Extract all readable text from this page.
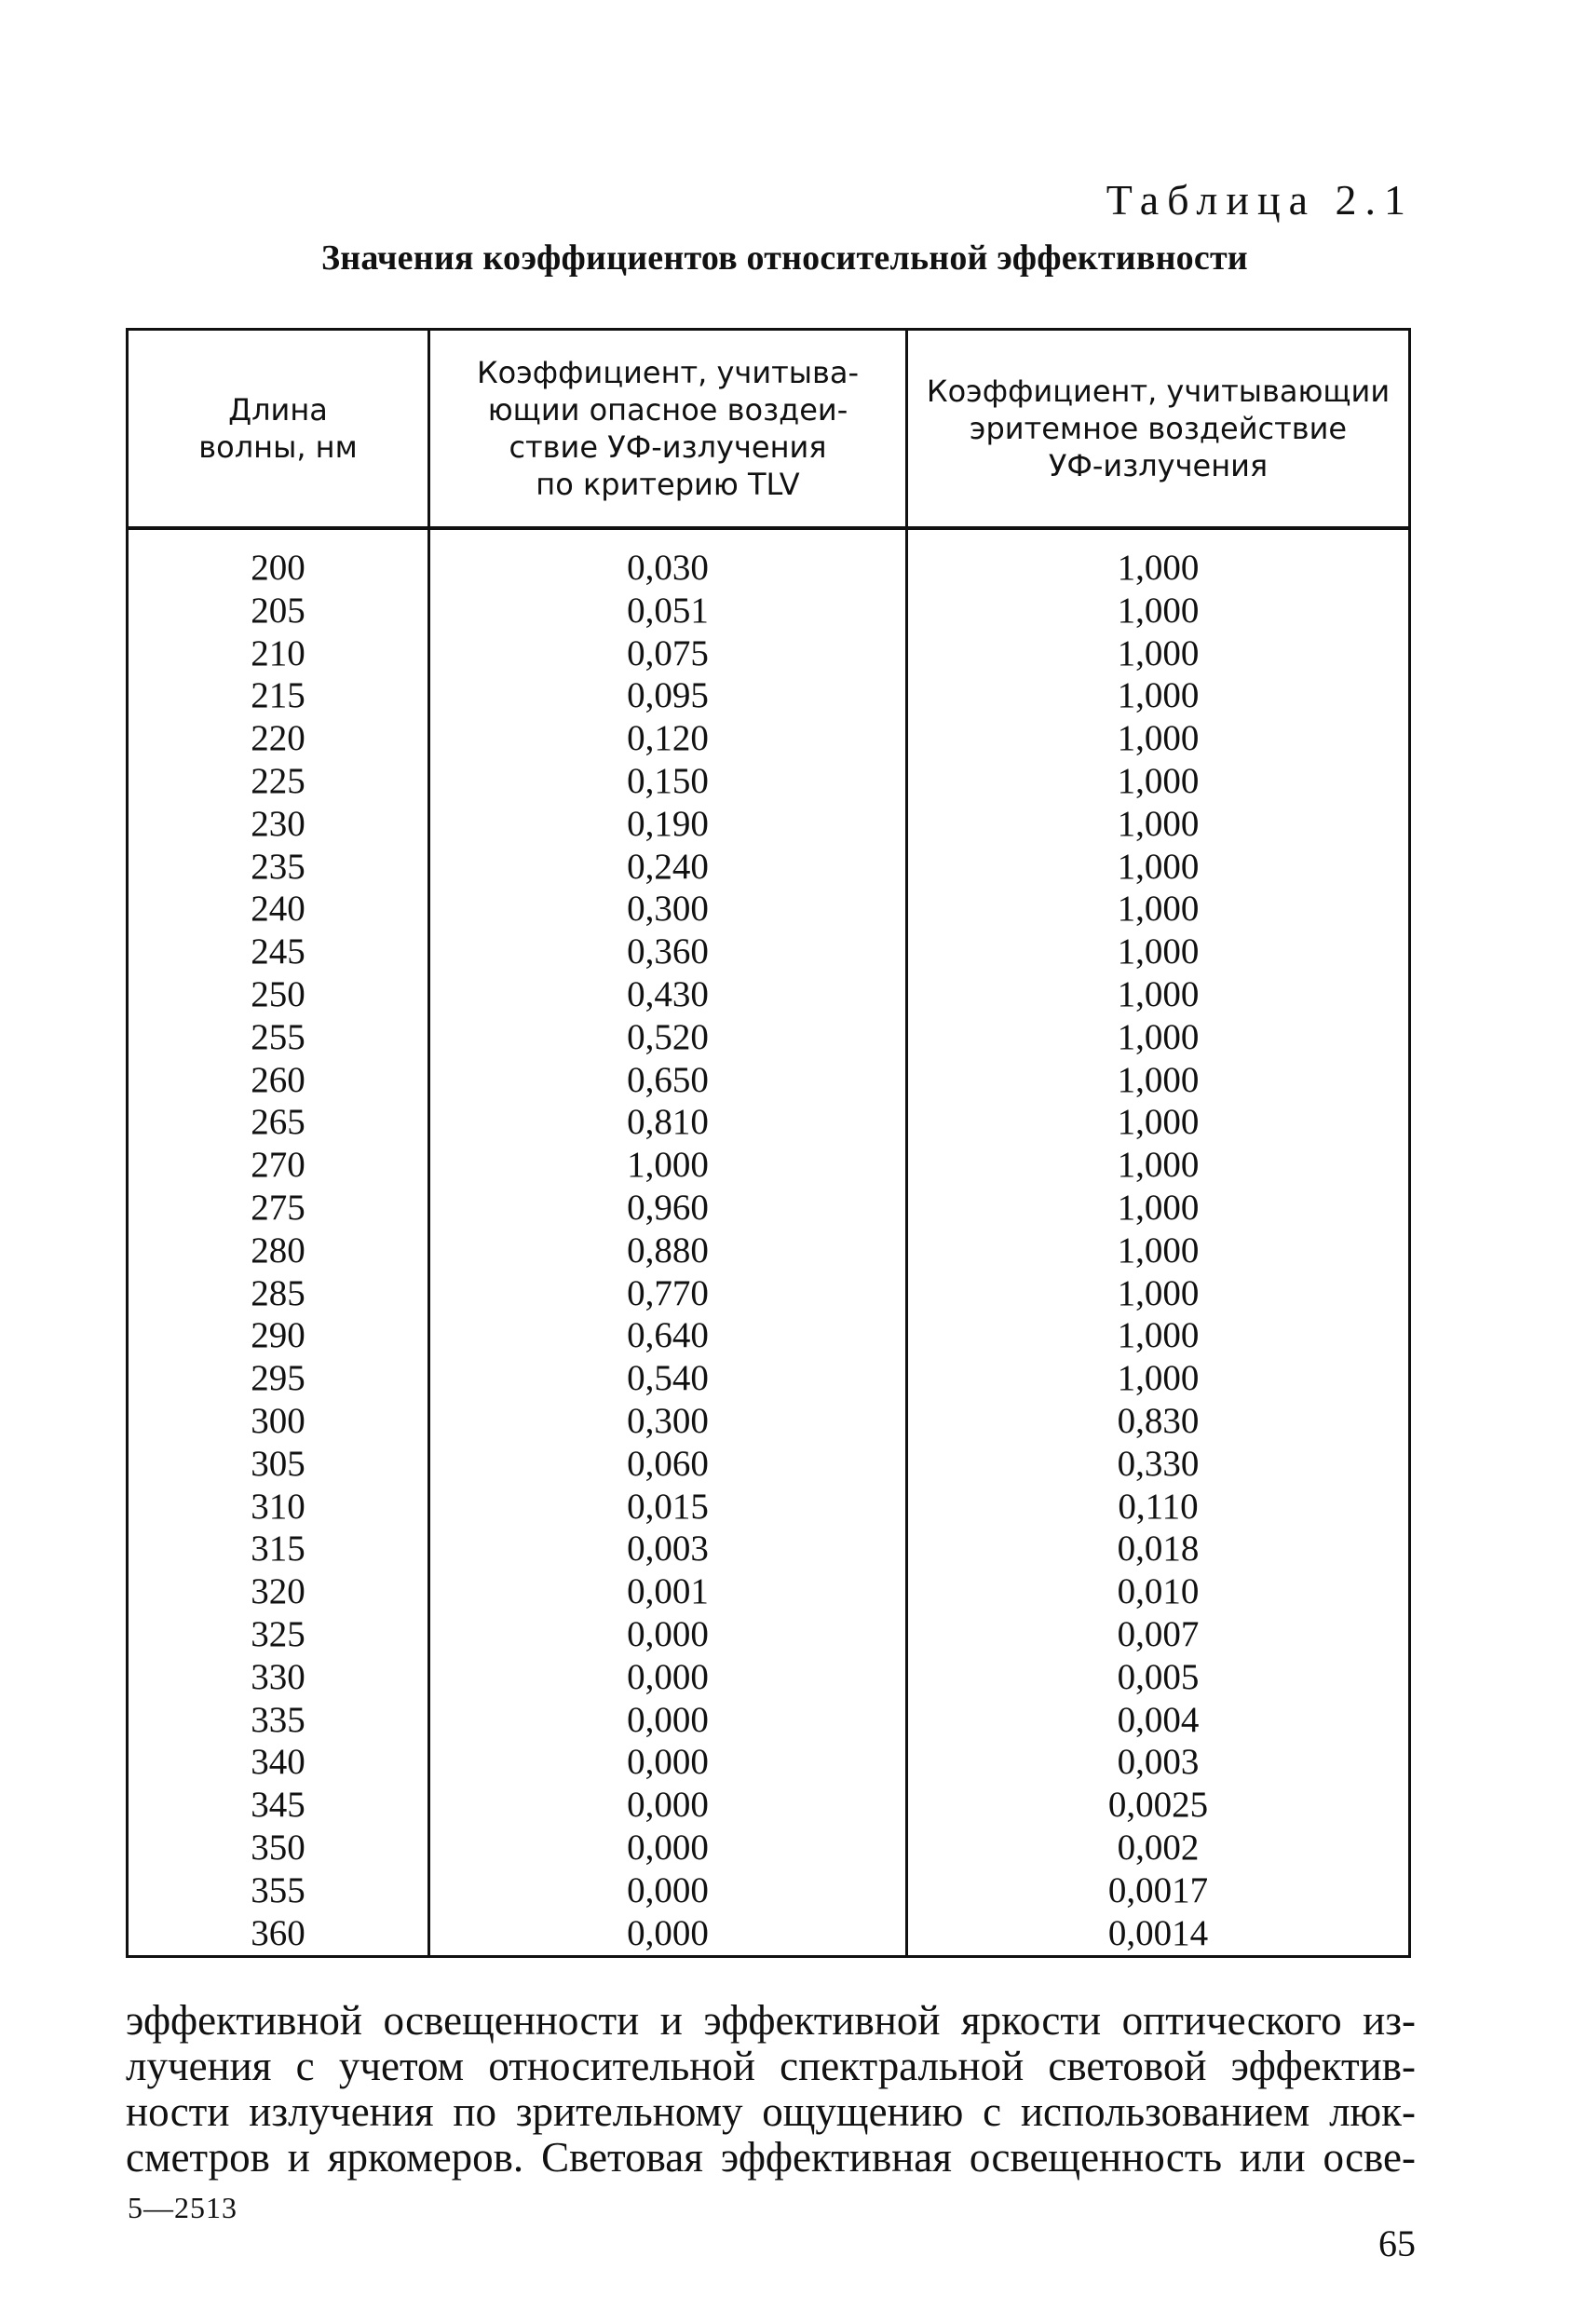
Таблица 2.1
Значения коэффициентов относительной эффективности
Длина
волны, нм
Коэффициент, учитыва-
ющии опасное воздеи-
ствие УФ-излучения
по критерию TLV
Коэффициент, учитывающии
эритемное воздействие
УФ-излучения
200
205
210
215
220
225
230
235
240
245
250
255
260
265
270
275
280
285
290
295
300
305
310
315
320
325
330
335
340
345
350
355
360
0,030
0,051
0,075
0,095
0,120
0,150
0,190
0,240
0,300
0,360
0,430
0,520
0,650
0,810
1,000
0,960
0,880
0,770
0,640
0,540
0,300
0,060
0,015
0,003
0,001
0,000
0,000
0,000
0,000
0,000
0,000
0,000
0,000
1,000
1,000
1,000
1,000
1,000
1,000
1,000
1,000
1,000
1,000
1,000
1,000
1,000
1,000
1,000
1,000
1,000
1,000
1,000
1,000
0,830
0,330
0,110
0,018
0,010
0,007
0,005
0,004
0,003
0,0025
0,002
0,0017
0,0014
эффективной освещенности и эффективной яркости оптического из-
лучения с учетом относительной спектральной световой эффектив-
ности излучения по зрительному ощущению с использованием люк-
сметров и яркомеров. Световая эффективная освещенность или осве-
5—2513
65
